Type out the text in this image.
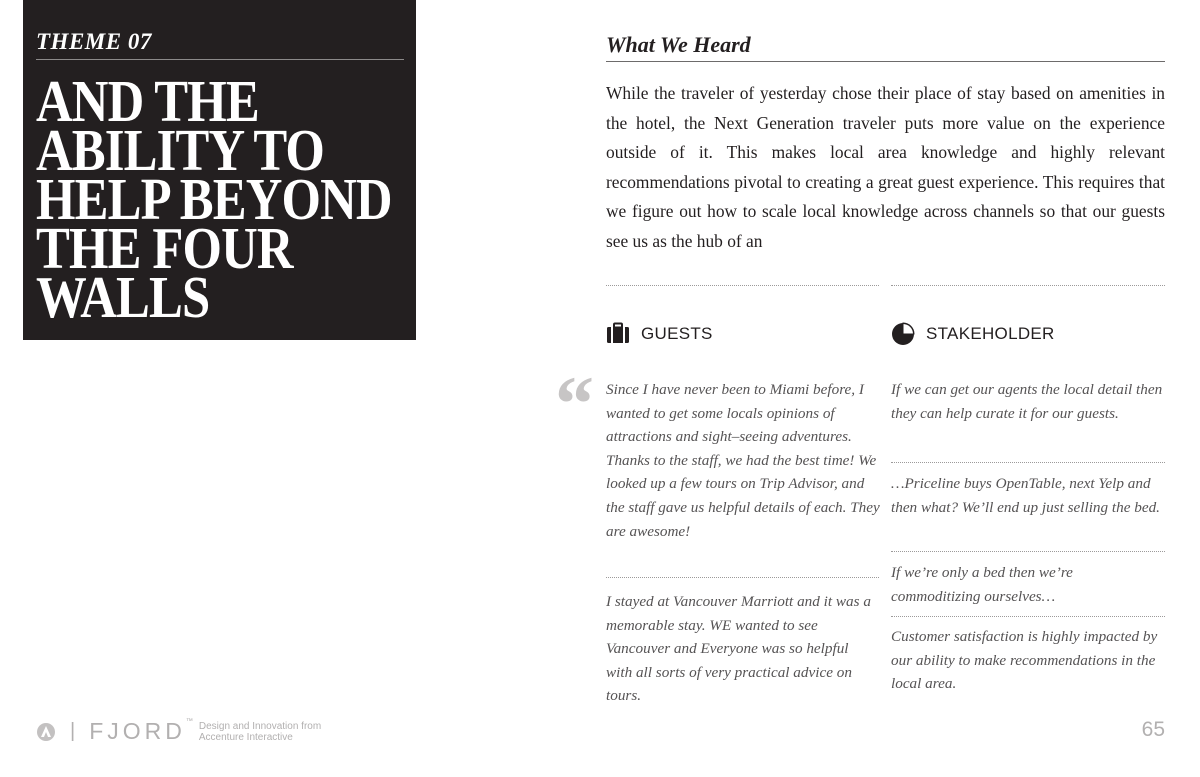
THEME 07
AND THE
ABILITY TO
HELP BEYOND
THE FOUR
WALLS
What We Heard

While the traveler of yesterday chose their place of stay based on amenities in the hotel, the Next Generation traveler puts more value on the experience outside of it. This makes local area knowledge and highly relevant recommendations pivotal to creating a great guest experience. This requires that we figure out how to scale local knowledge across channels so that our guests see us as the hub of an

GUESTS	STAKEHOLDER
“ Since I have never been to Miami before, I wanted to get some locals opinions of attractions and sight–seeing adventures. Thanks to the staff, we had the best time! We looked up a few tours on Trip Advisor, and the staff gave us helpful details of each. They are awesome!

I stayed at Vancouver Marriott and it was a memorable stay. WE wanted to see Vancouver and Everyone was so helpful with all sorts of very practical advice on tours.

If we can get our agents the local detail then they can help curate it for our guests.

…Priceline buys OpenTable, next Yelp and then what? We’ll end up just selling the bed.

If we’re only a bed then we’re commoditizing ourselves…

Customer satisfaction is highly impacted by our ability to make recommendations in the local area.

| FJORD™ Design and Innovation from Accenture Interactive	65
